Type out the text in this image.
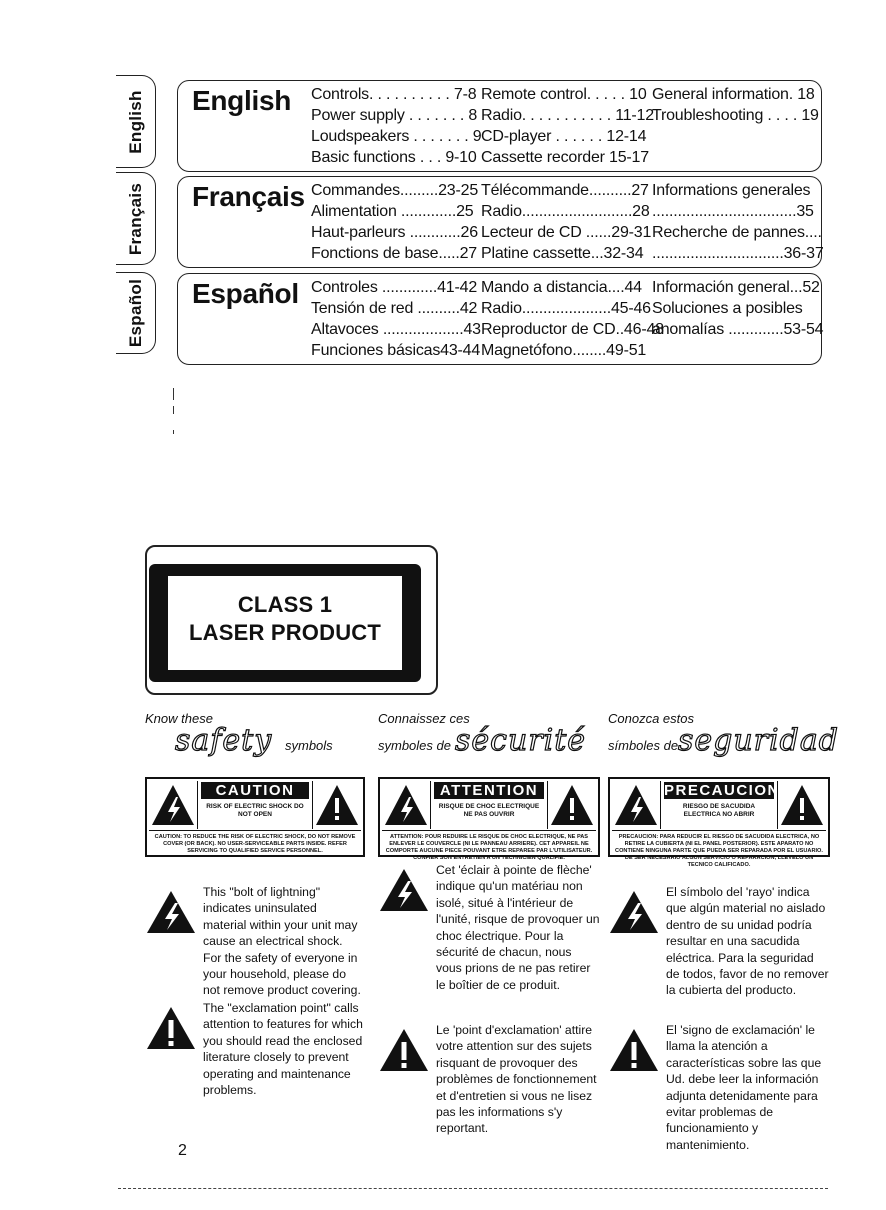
English
Français
Español
English Controls. . . . . . . . . . 7-8
Power supply . . . . . . . 8
Loudspeakers . . . . . . . 9
Basic functions . . . 9-10
Remote control. . . . . 10
Radio. . . . . . . . . . . 11-12
CD-player . . . . . . 12-14
Cassette recorder 15-17
General information. 18
Troubleshooting . . . . 19
Français Commandes.........23-25
Alimentation .............25
Haut-parleurs ............26
Fonctions de base.....27
Télécommande..........27
Radio..........................28
Lecteur de CD ......29-31
Platine cassette...32-34
Informations generales
..................................35
Recherche de pannes....
...............................36-37
Español Controles .............41-42
Tensión de red ..........42
Altavoces ...................43
Funciones básicas43-44
Mando a distancia....44
Radio.....................45-46
Reproductor de CD..46-48
Magnetófono........49-51
Información general...52
Soluciones a posibles
anomalías .............53-54
CLASS 1
LASER PRODUCT
Know these
safety symbols
CAUTION
RISK OF ELECTRIC SHOCK DO NOT OPEN
CAUTION: TO REDUCE THE RISK OF ELECTRIC SHOCK, DO NOT REMOVE COVER (OR BACK). NO USER-SERVICEABLE PARTS INSIDE. REFER SERVICING TO QUALIFIED SERVICE PERSONNEL.
This "bolt of lightning" indicates uninsulated material within your unit may cause an electrical shock. For the safety of everyone in your household, please do not remove product covering.
The "exclamation point" calls attention to features for which you should read the enclosed literature closely to prevent operating and maintenance problems.
Connaissez ces
symboles de sécurité
ATTENTION
RISQUE DE CHOC ELECTRIQUE NE PAS OUVRIR
ATTENTION: POUR REDUIRE LE RISQUE DE CHOC ELECTRIQUE, NE PAS ENLEVER LE COUVERCLE (NI LE PANNEAU ARRIERE). CET APPAREIL NE COMPORTE AUCUNE PIECE POUVANT ETRE REPAREE PAR L'UTILISATEUR. CONFIER SON ENTRETIEN A UN TECHNICIEN QUALIFIE.
Cet 'éclair à pointe de flèche' indique qu'un matériau non isolé, situé à l'intérieur de l'unité, risque de provoquer un choc électrique. Pour la sécurité de chacun, nous vous prions de ne pas retirer le boîtier de ce produit.
Le 'point d'exclamation' attire votre attention sur des sujets risquant de provoquer des problèmes de fonctionnement et d'entretien si vous ne lisez pas les informations s'y reportant.
Conozca estos
símboles de seguridad
PRECAUCION
RIESGO DE SACUDIDA ELECTRICA NO ABRIR
PRECAUCION: PARA REDUCIR EL RIESGO DE SACUDIDA ELECTRICA, NO RETIRE LA CUBIERTA (NI EL PANEL POSTERIOR). ESTE APARATO NO CONTIENE NINGUNA PARTE QUE PUEDA SER REPARADA POR EL USUARIO. DE SER NECESARIO ALGUN SERVICIO O REPARACION, LLEVELO UN TECNICO CALIFICADO.
El símbolo del 'rayo' indica que algún material no aislado dentro de su unidad podría resultar en una sacudida eléctrica. Para la seguridad de todos, favor de no remover la cubierta del producto.
El 'signo de exclamación' le llama la atención a características sobre las que Ud. debe leer la información adjunta detenidamente para evitar problemas de funcionamiento y mantenimiento.
2
